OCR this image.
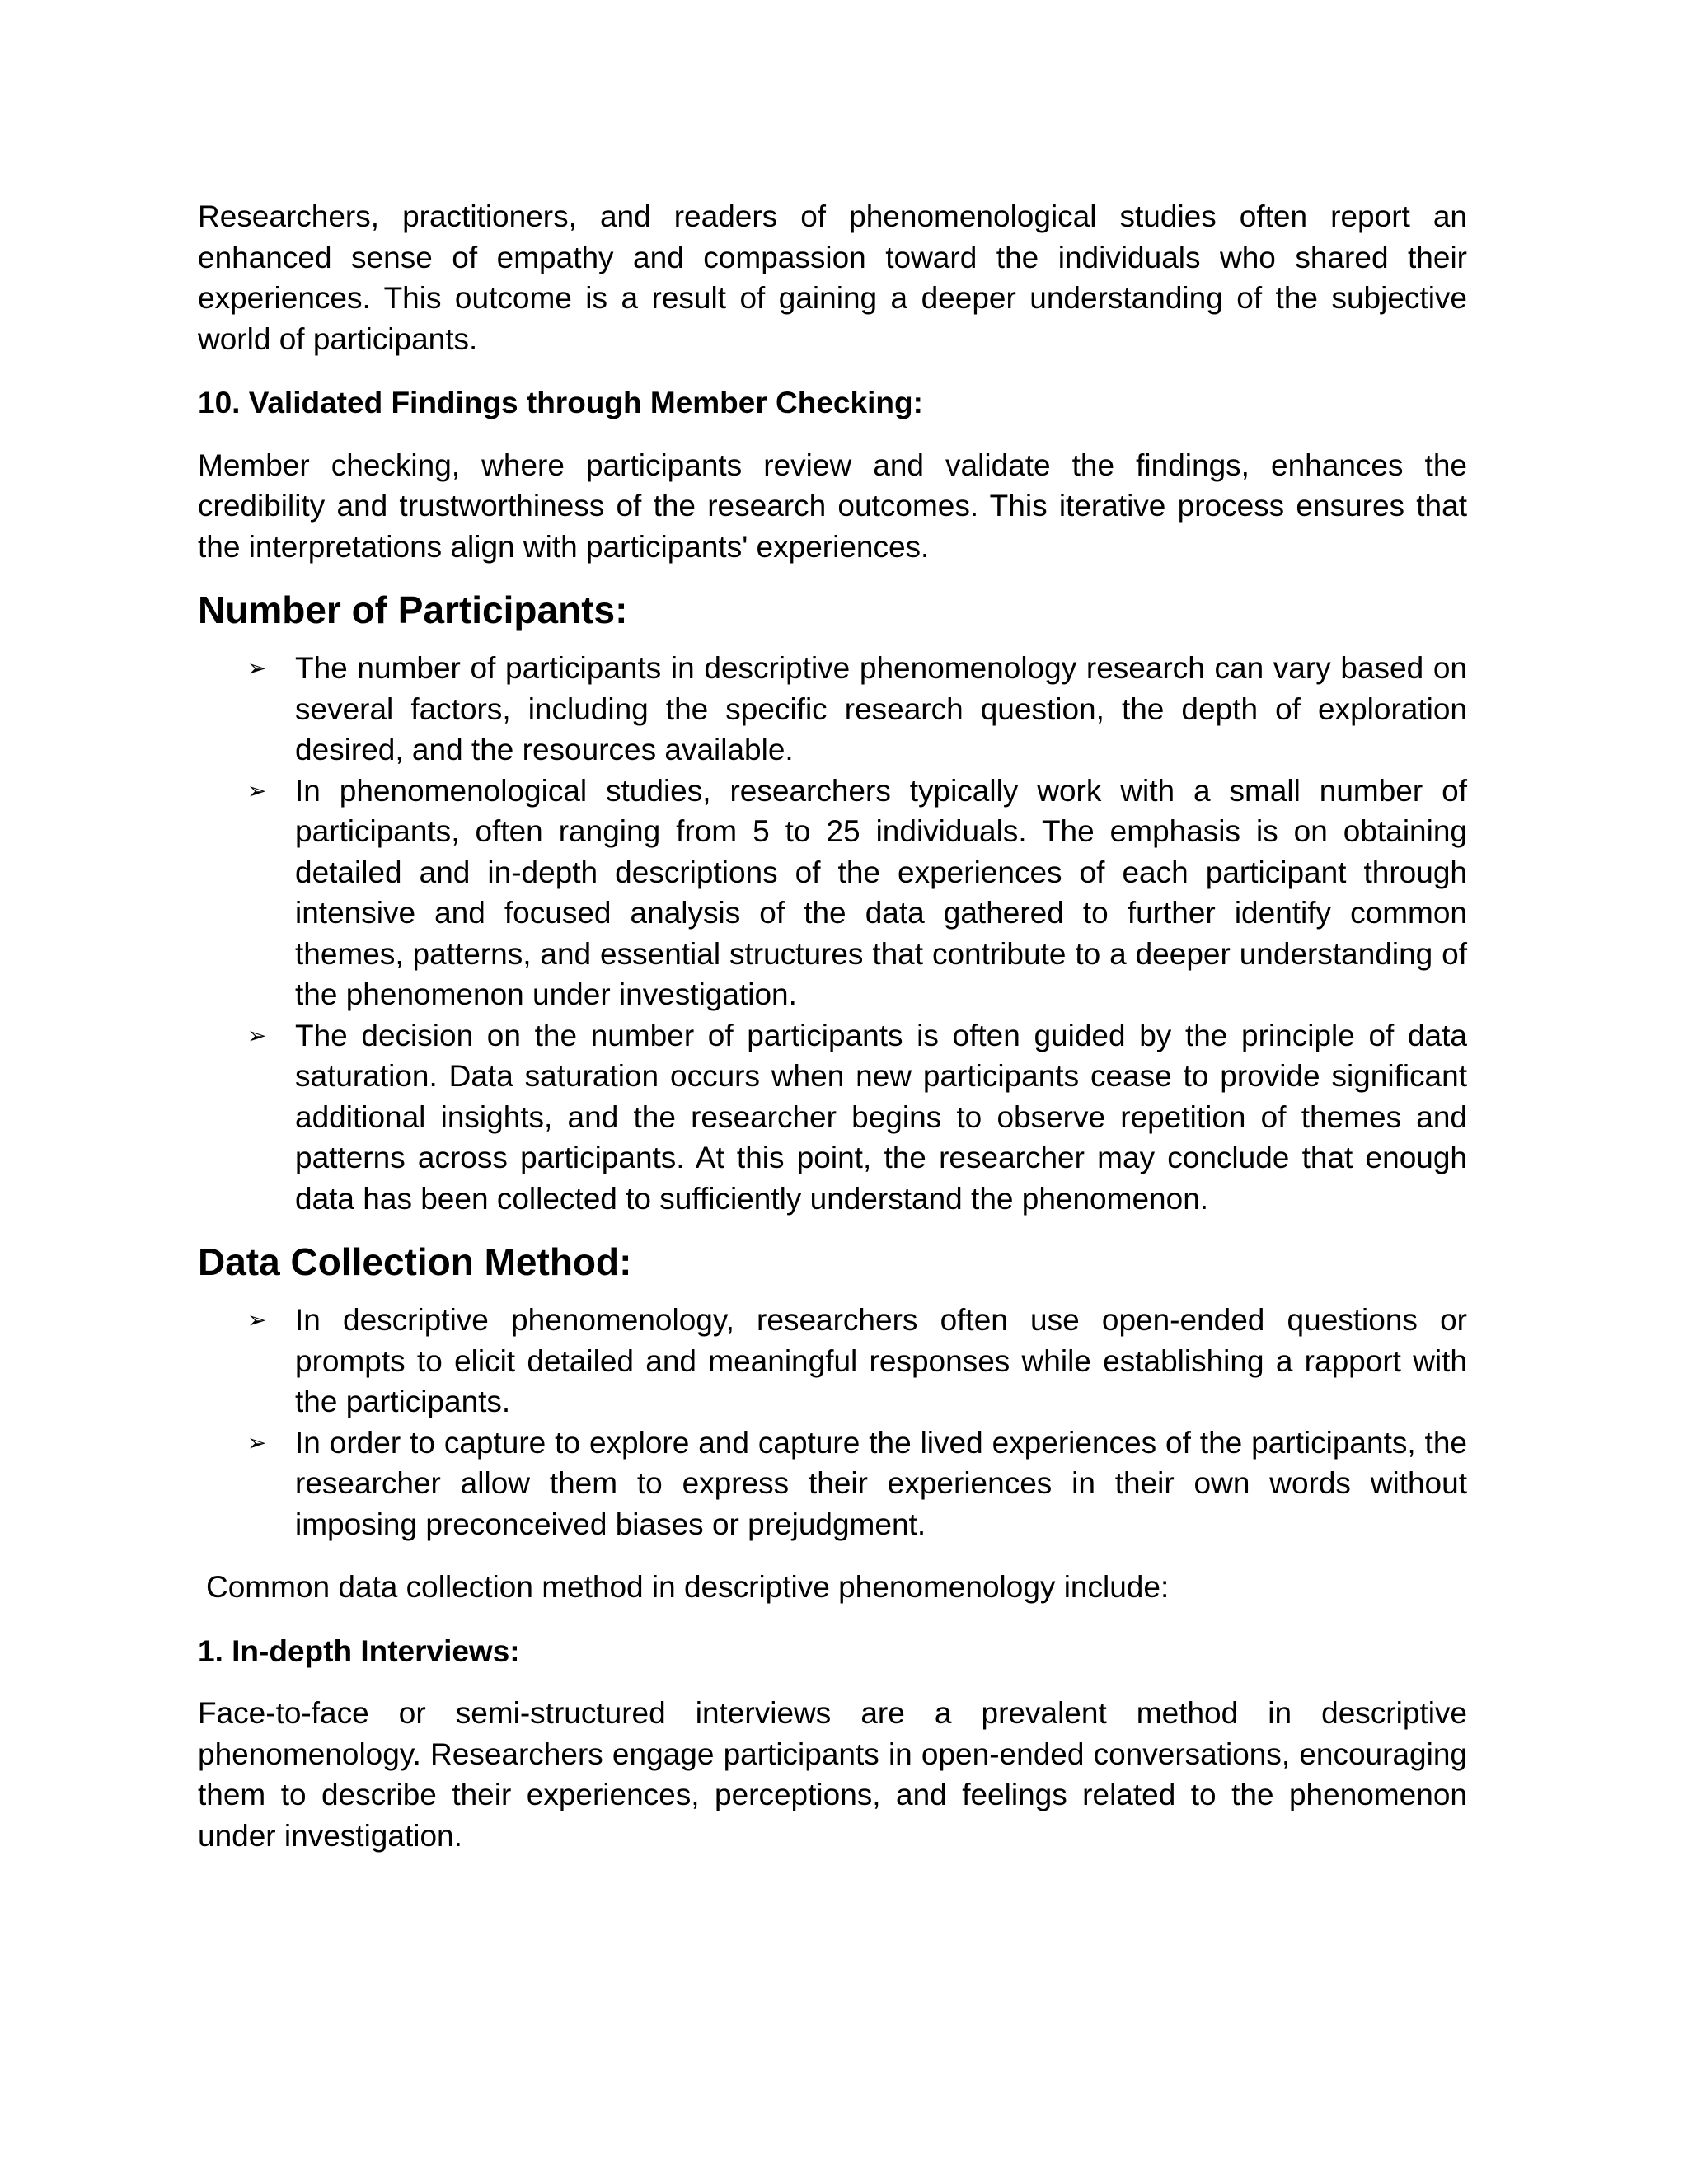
Researchers, practitioners, and readers of phenomenological studies often report an enhanced sense of empathy and compassion toward the individuals who shared their experiences. This outcome is a result of gaining a deeper understanding of the subjective world of participants.

10. Validated Findings through Member Checking:

Member checking, where participants review and validate the findings, enhances the credibility and trustworthiness of the research outcomes. This iterative process ensures that the interpretations align with participants' experiences.

Number of Participants:
➢ The number of participants in descriptive phenomenology research can vary based on several factors, including the specific research question, the depth of exploration desired, and the resources available.
➢ In phenomenological studies, researchers typically work with a small number of participants, often ranging from 5 to 25 individuals. The emphasis is on obtaining detailed and in-depth descriptions of the experiences of each participant through intensive and focused analysis of the data gathered to further identify common themes, patterns, and essential structures that contribute to a deeper understanding of the phenomenon under investigation.
➢ The decision on the number of participants is often guided by the principle of data saturation. Data saturation occurs when new participants cease to provide significant additional insights, and the researcher begins to observe repetition of themes and patterns across participants. At this point, the researcher may conclude that enough data has been collected to sufficiently understand the phenomenon.
Data Collection Method:
➢ In descriptive phenomenology, researchers often use open-ended questions or prompts to elicit detailed and meaningful responses while establishing a rapport with the participants.
➢ In order to capture to explore and capture the lived experiences of the participants, the researcher allow them to express their experiences in their own words without imposing preconceived biases or prejudgment.

Common data collection method in descriptive phenomenology include:

1. In-depth Interviews:

Face-to-face or semi-structured interviews are a prevalent method in descriptive phenomenology. Researchers engage participants in open-ended conversations, encouraging them to describe their experiences, perceptions, and feelings related to the phenomenon under investigation.
